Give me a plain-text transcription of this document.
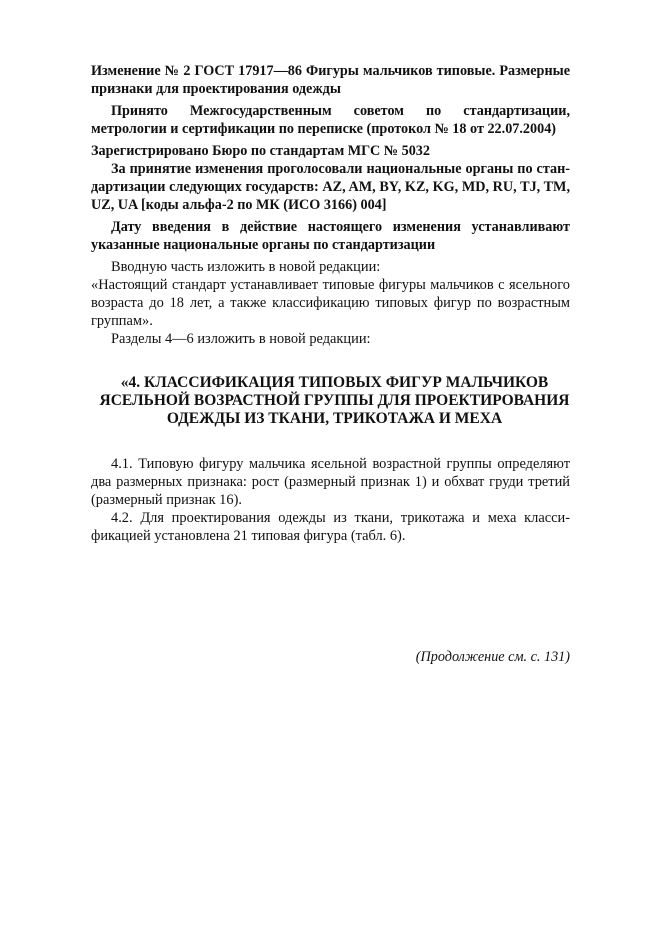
Изменение № 2 ГОСТ 17917—86 Фигуры мальчиков типовые. Размерные признаки для проектирования одежды

Принято Межгосударственным советом по стандартизации, метрологии и сертификации по переписке (протокол № 18 от 22.07.2004)

Зарегистрировано Бюро по стандартам МГС № 5032

За принятие изменения проголосовали национальные органы по стандартизации следующих государств: AZ, AM, BY, KZ, KG, MD, RU, TJ, TM, UZ, UA [коды альфа-2 по МК (ИСО 3166) 004]

Дату введения в действие настоящего изменения устанавливают указанные национальные органы по стандартизации

Вводную часть изложить в новой редакции:

«Настоящий стандарт устанавливает типовые фигуры мальчиков с ясельного возраста до 18 лет, а также классификацию типовых фигур по возрастным группам».

Разделы 4—6 изложить в новой редакции:

«4. КЛАССИФИКАЦИЯ ТИПОВЫХ ФИГУР МАЛЬЧИКОВ
ЯСЕЛЬНОЙ ВОЗРАСТНОЙ ГРУППЫ ДЛЯ ПРОЕКТИРОВАНИЯ
ОДЕЖДЫ ИЗ ТКАНИ, ТРИКОТАЖА И МЕХА

4.1. Типовую фигуру мальчика ясельной возрастной группы определяют два размерных признака: рост (размерный признак 1) и обхват груди третий (размерный признак 16).

4.2. Для проектирования одежды из ткани, трикотажа и меха классификацией установлена 21 типовая фигура (табл. 6).

(Продолжение см. с. 131)
